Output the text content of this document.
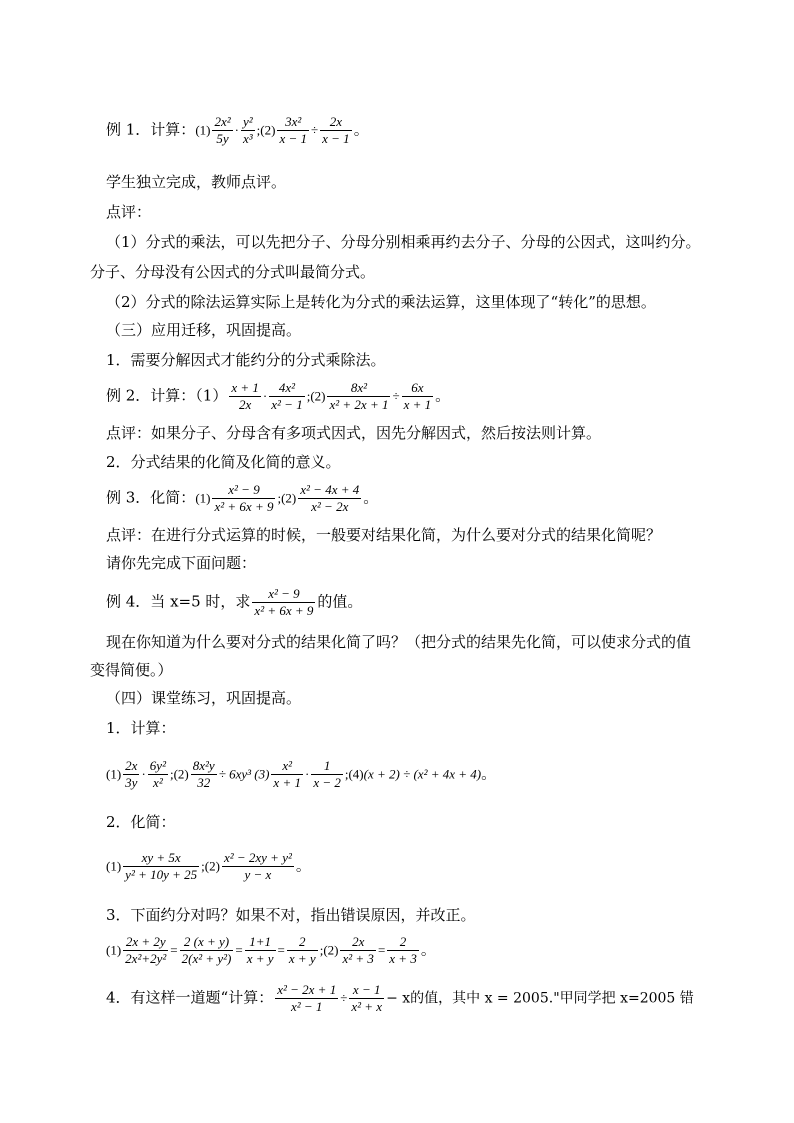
例 1．计算：$(1) \frac{\text{2x²}}{5y} \cdot \frac{\text{y²}}{\text{x³}}$ ;(2) $\frac{\text{3x²}}{x - 1} \div \frac{2x}{x - 1}$ 。
学生独立完成，教师点评。
点评：
（1）分式的乘法，可以先把分子、分母分别相乘再约去分子、分母的公因式，这叫约分。
分子、分母没有公因式的分式叫最简分式。
（2）分式的除法运算实际上是转化为分式的乘法运算，这里体现了“转化”的思想。
（三）应用迁移，巩固提高。
1．需要分解因式才能约分的分式乘除法。
例 2．计算：$(1) \frac{x + 1}{2x} \cdot \frac{\text{4x²}}{\text{x² − 1}}$ ;(2) $\frac{\text{8x²}}{\text{x² + 2x + 1}} \div \frac{6x}{x + 1}$ 。
点评：如果分子、分母含有多项式因式，因先分解因式，然后按法则计算。
2．分式结果的化简及化简的意义。
例 3．化简：$(1) \frac{\text{x² − 9}}{\text{x² + 6x + 9}}$ ;(2) $\frac{\text{x² − 4x + 4}}{\text{x² − 2x}}$ 。
点评：在进行分式运算的时候，一般要对结果化简，为什么要对分式的结果化简呢？
请你先完成下面问题：
例 4．当 x=5 时，求 $\frac{\text{x² − 9}}{\text{x² + 6x + 9}}$ 的值。
现在你知道为什么要对分式的结果化简了吗？（把分式的结果先化简，可以使求分式的值
变得简便。）
（四）课堂练习，巩固提高。
1．计算：
$(1) \frac{2x}{3y} \cdot \frac{\text{6y²}}{\text{x²}}$ ;(2) $\frac{\text{8x²y}}{32} \div 6xy^3$ $(3) \frac{\text{x²}}{x + 1} \cdot \frac{1}{x - 2}$ ;(4)(x + 2) ÷ (x² + 4x + 4)。
2．化简：
$(1) \frac{xy + 5x}{\text{y² + 10y + 25}}$ ;(2) $\frac{\text{x² − 2xy + y²}}{y - x}$ 。
3．下面约分对吗？如果不对，指出错误原因，并改正。
$(1) \frac{2x + 2y}{\text{2x²+2y²}} = \frac{2 (x + y)}{\text{2(x² + y²)}} = \frac{1+1}{x + y} = \frac{2}{x + y}$ ;(2) $\frac{2x}{\text{x² + 3}} = \frac{2}{x + 3}$ 。
4．有这样一道题“计算： $\frac{\text{x² − 2x + 1}}{\text{x² − 1}} \div \frac{x - 1}{\text{x² + x}} - x$的值，其中 x = 2005."甲同学把 x=2005 错
